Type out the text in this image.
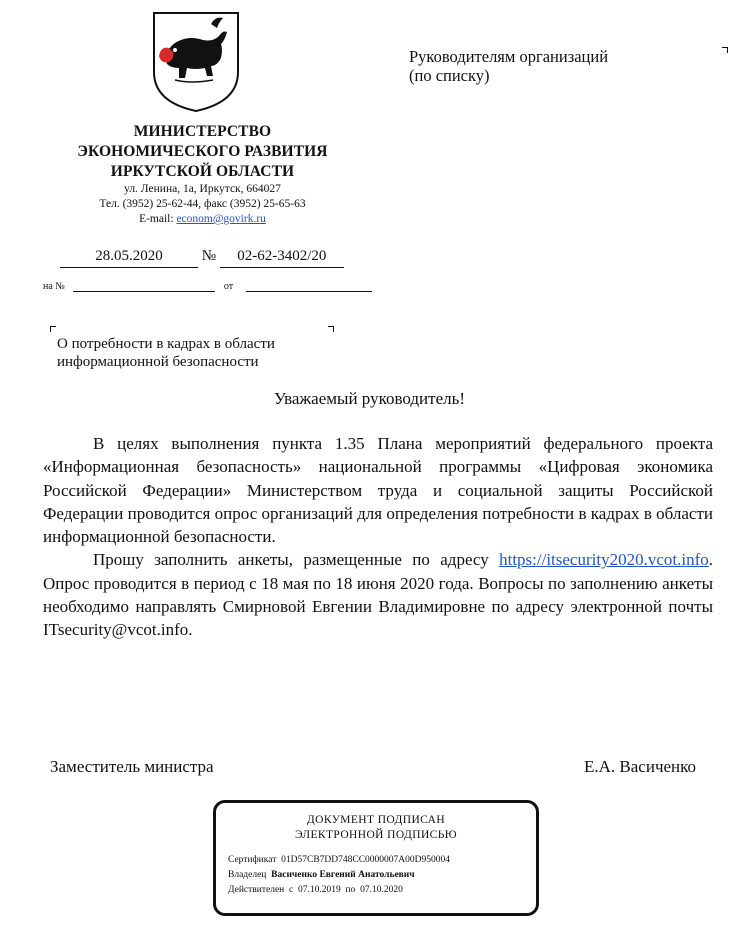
МИНИСТЕРСТВО
ЭКОНОМИЧЕСКОГО РАЗВИТИЯ
ИРКУТСКОЙ ОБЛАСТИ
ул. Ленина, 1а, Иркутск, 664027
Тел. (3952) 25-62-44, факс (3952) 25-65-63
E-mail: econom@govirk.ru
28.05.2020	№ 02-62-3402/20
на №	от
Руководителям организаций
(по списку)
О потребности в кадрах в области
информационной безопасности
Уважаемый руководитель!

В целях выполнения пункта 1.35 Плана мероприятий федерального проекта «Информационная безопасность» национальной программы «Цифровая экономика Российской Федерации» Министерством труда и социальной защиты Российской Федерации проводится опрос организаций для определения потребности в кадрах в области информационной безопасности.

Прошу заполнить анкеты, размещенные по адресу https://itsecurity2020.vcot.info. Опрос проводится в период с 18 мая по 18 июня 2020 года. Вопросы по заполнению анкеты необходимо направлять Смирновой Евгении Владимировне по адресу электронной почты ITsecurity@vcot.info.

Заместитель министра	Е.А. Васиченко
ДОКУМЕНТ ПОДПИСАН
ЭЛЕКТРОННОЙ ПОДПИСЬЮ
Сертификат 01D57CB7DD748CC0000007A00D950004
Владелец Васиченко Евгений Анатольевич
Действителен с 07.10.2019 по 07.10.2020
